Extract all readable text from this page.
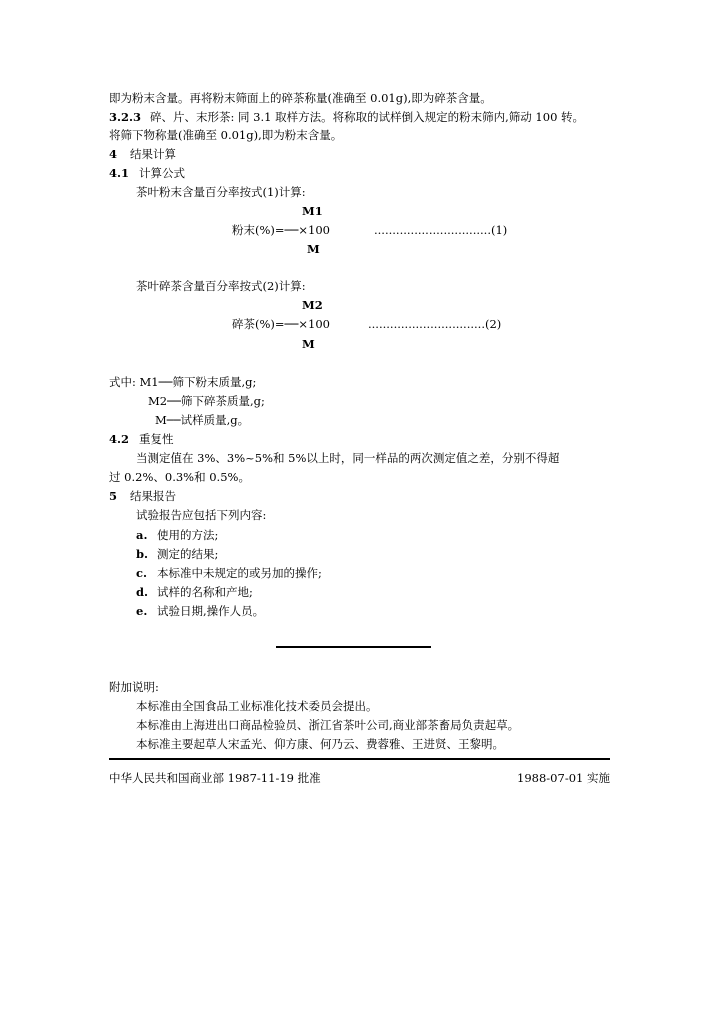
即为粉末含量。再将粉末筛面上的碎茶称量(准确至 0.01g),即为碎茶含量。
3.2.3 碎、片、末形茶: 同 3.1 取样方法。将称取的试样倒入规定的粉末筛内,筛动 100 转。
将筛下物称量(准确至 0.01g),即为粉末含量。
4 结果计算
4.1 计算公式
茶叶粉末含量百分率按式(1)计算:
M1
粉末(%)=──×100	................................(1)
M
茶叶碎茶含量百分率按式(2)计算:
M2
碎茶(%)=──×100	................................(2)
M
式中: M1──筛下粉末质量,g;
M2──筛下碎茶质量,g;
M──试样质量,g。
4.2 重复性
当测定值在 3%、3%~5%和 5%以上时，同一样品的两次测定值之差，分别不得超
过 0.2%、0.3%和 0.5%。
5 结果报告
试验报告应包括下列内容:
a. 使用的方法;
b. 测定的结果;
c. 本标准中未规定的或另加的操作;
d. 试样的名称和产地;
e. 试验日期,操作人员。
附加说明:
本标准由全国食品工业标准化技术委员会提出。
本标准由上海进出口商品检验员、浙江省茶叶公司,商业部茶畜局负责起草。
本标准主要起草人宋孟光、仰方康、何乃云、费蓉雅、王进贤、王黎明。
中华人民共和国商业部 1987-11-19 批准	1988-07-01 实施
